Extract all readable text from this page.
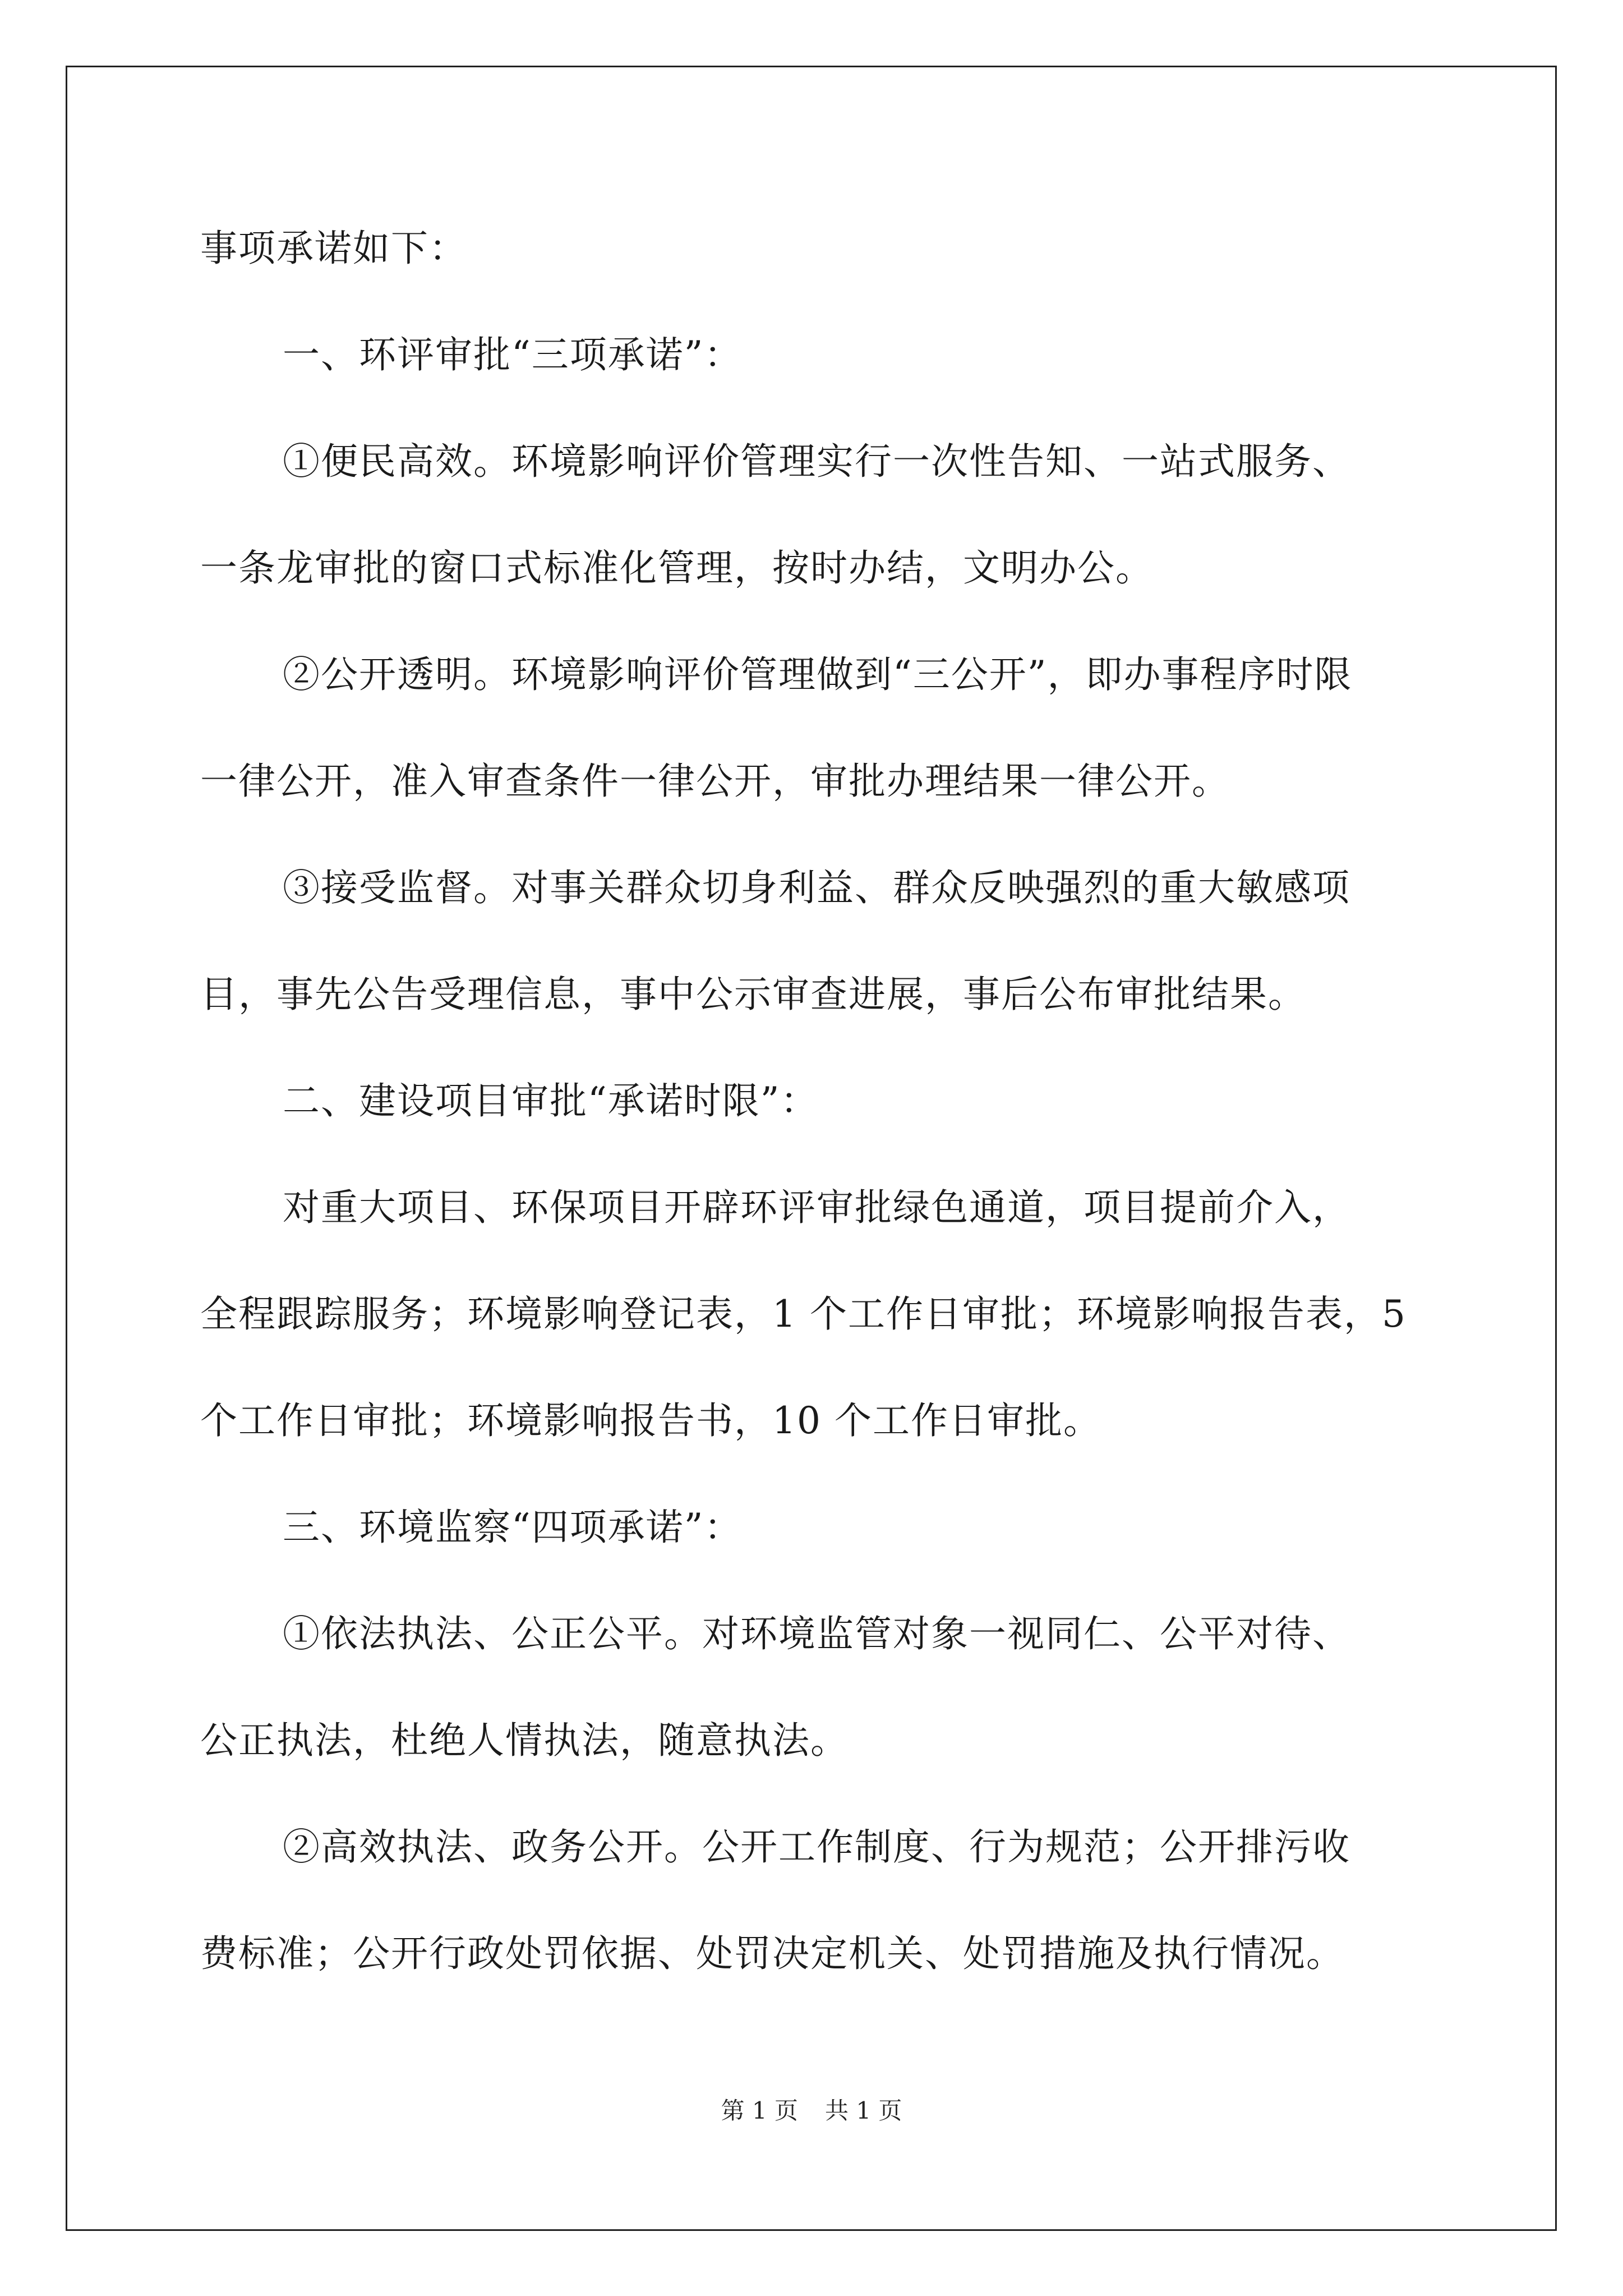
事项承诺如下：
一、环评审批“三项承诺”：
①便民高效。环境影响评价管理实行一次性告知、一站式服务、
一条龙审批的窗口式标准化管理，按时办结，文明办公。
②公开透明。环境影响评价管理做到“三公开”，即办事程序时限
一律公开，准入审查条件一律公开，审批办理结果一律公开。
③接受监督。对事关群众切身利益、群众反映强烈的重大敏感项
目，事先公告受理信息，事中公示审查进展，事后公布审批结果。
二、建设项目审批“承诺时限”：
对重大项目、环保项目开辟环评审批绿色通道，项目提前介入，
全程跟踪服务；环境影响登记表，1 个工作日审批；环境影响报告表，5
个工作日审批；环境影响报告书，10 个工作日审批。
三、环境监察“四项承诺”：
①依法执法、公正公平。对环境监管对象一视同仁、公平对待、
公正执法，杜绝人情执法，随意执法。
②高效执法、政务公开。公开工作制度、行为规范；公开排污收
费标准；公开行政处罚依据、处罚决定机关、处罚措施及执行情况。
第 1 页 共 1 页
